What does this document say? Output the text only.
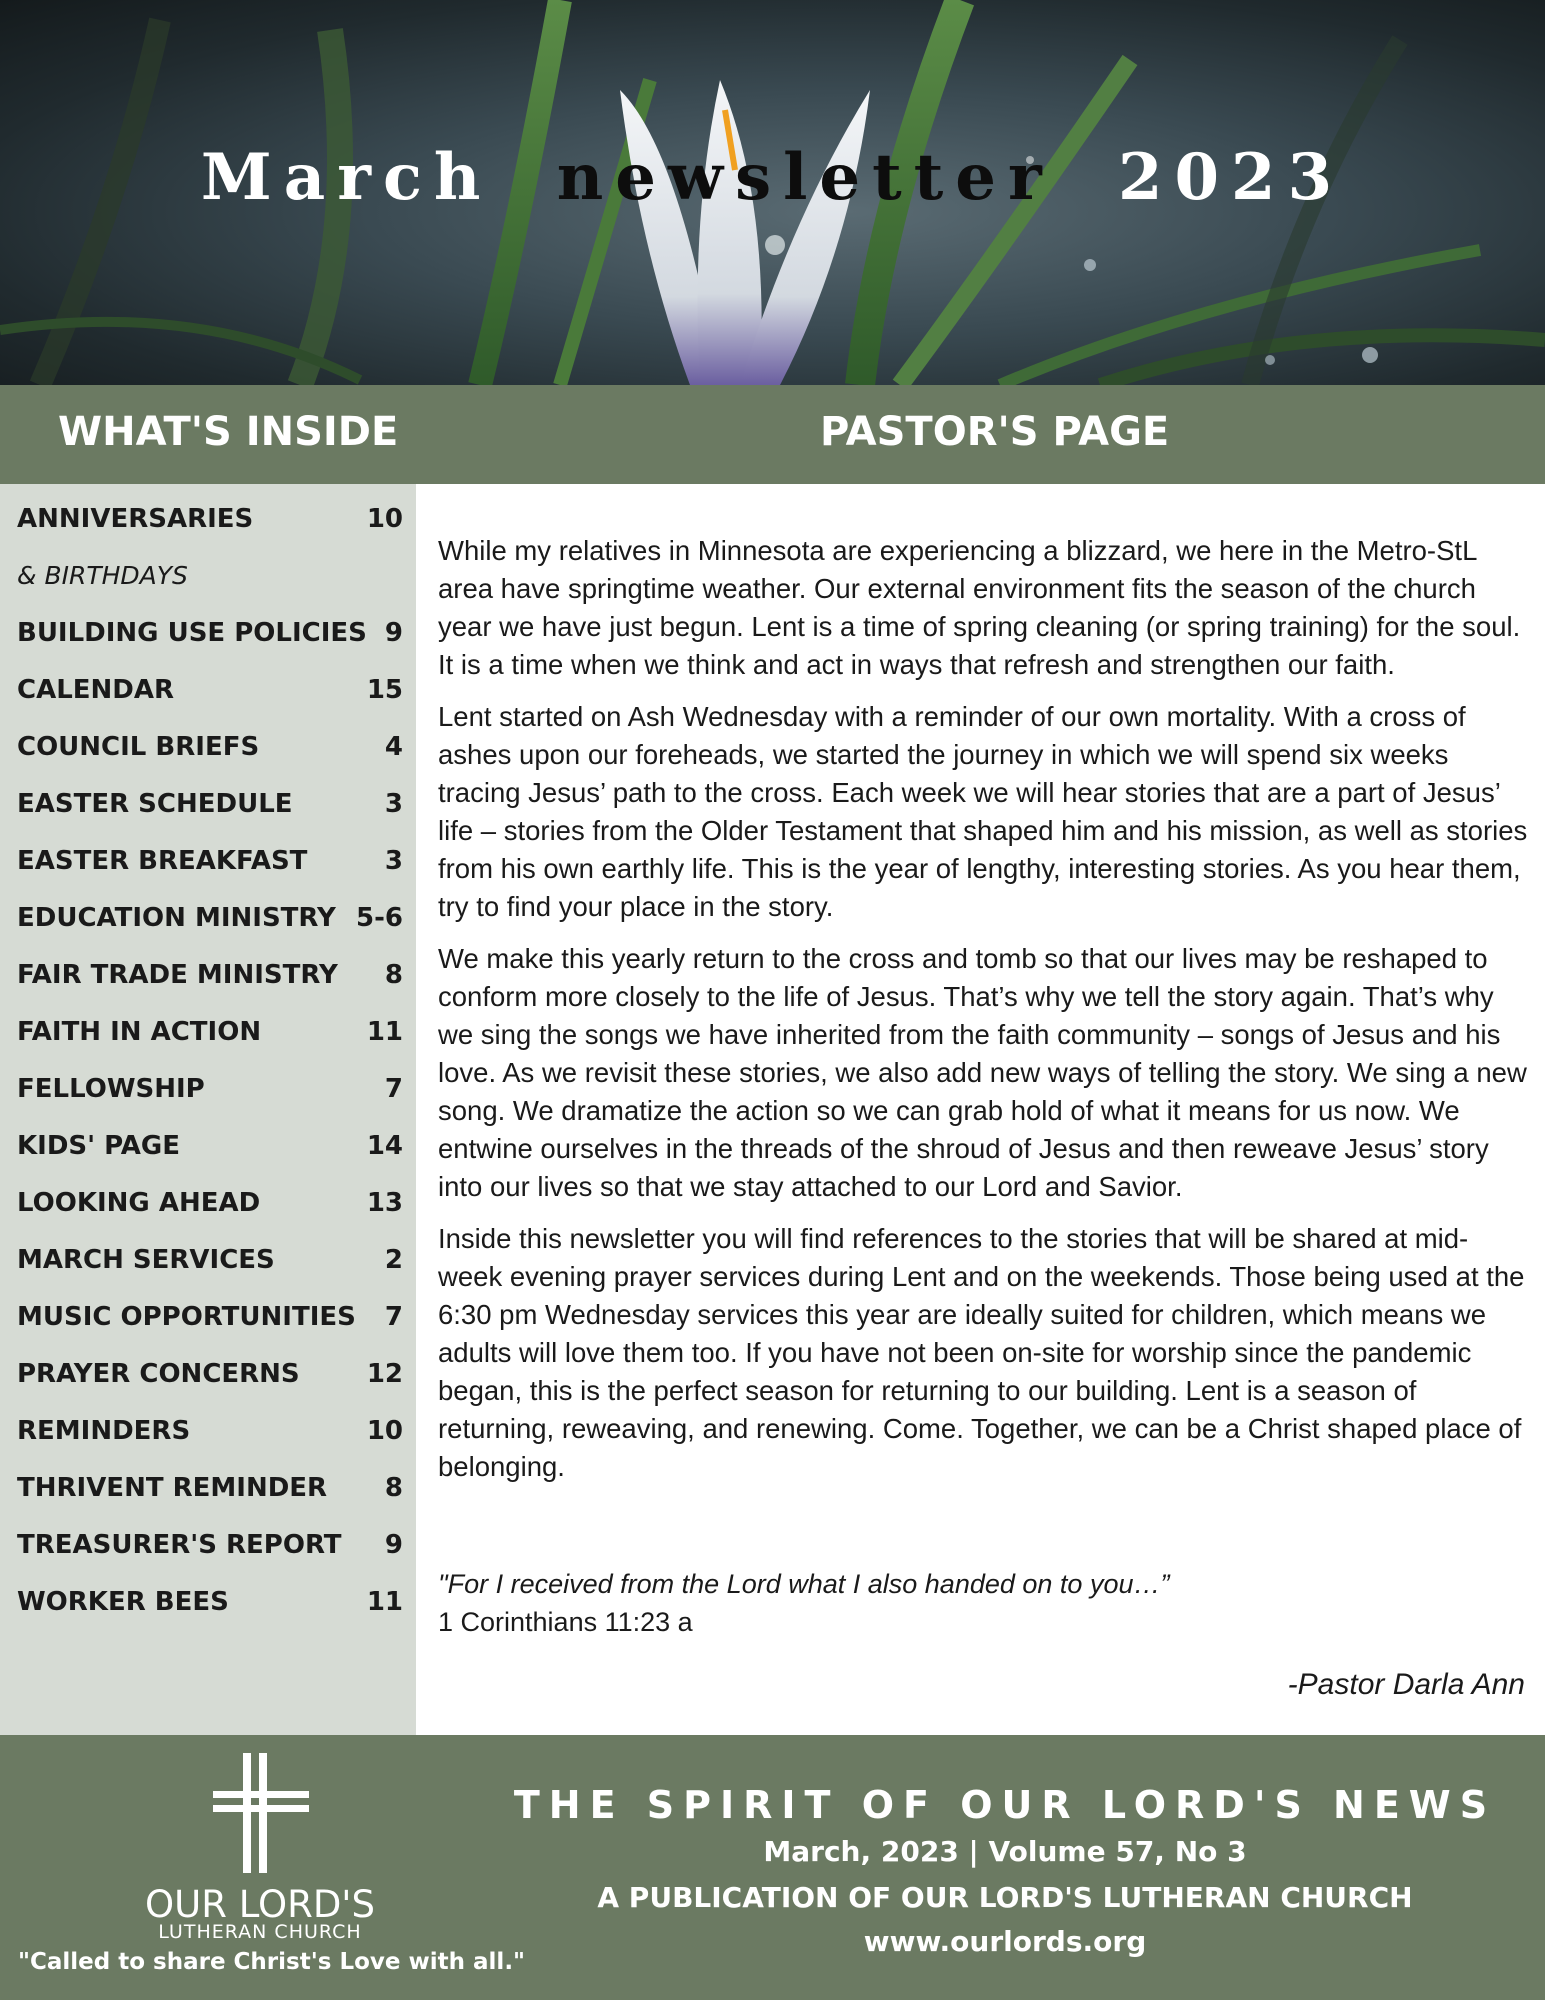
March newsletter 2023
WHAT'S INSIDE	PASTOR'S PAGE
ANNIVERSARIES	10
& BIRTHDAYS
BUILDING USE POLICIES 9
CALENDAR	15
COUNCIL BRIEFS	4
EASTER SCHEDULE	3
EASTER BREAKFAST	3
EDUCATION MINISTRY 5-6
FAIR TRADE MINISTRY 8
FAITH IN ACTION	11
FELLOWSHIP	7
KIDS' PAGE	14
LOOKING AHEAD	13
MARCH SERVICES	2
MUSIC OPPORTUNITIES 7
PRAYER CONCERNS	12
REMINDERS	10
THRIVENT REMINDER 8
TREASURER'S REPORT 9
WORKER BEES	11

While my relatives in Minnesota are experiencing a blizzard, we here in the Metro-StL area have springtime weather. Our external environment fits the season of the church year we have just begun. Lent is a time of spring cleaning (or spring training) for the soul. It is a time when we think and act in ways that refresh and strengthen our faith.

Lent started on Ash Wednesday with a reminder of our own mortality. With a cross of ashes upon our foreheads, we started the journey in which we will spend six weeks tracing Jesus’ path to the cross. Each week we will hear stories that are a part of Jesus’ life – stories from the Older Testament that shaped him and his mission, as well as stories from his own earthly life. This is the year of lengthy, interesting stories. As you hear them, try to find your place in the story.

We make this yearly return to the cross and tomb so that our lives may be reshaped to conform more closely to the life of Jesus. That’s why we tell the story again. That’s why we sing the songs we have inherited from the faith community – songs of Jesus and his love. As we revisit these stories, we also add new ways of telling the story. We sing a new song. We dramatize the action so we can grab hold of what it means for us now. We entwine ourselves in the threads of the shroud of Jesus and then reweave Jesus’ story into our lives so that we stay attached to our Lord and Savior.

Inside this newsletter you will find references to the stories that will be shared at mid-week evening prayer services during Lent and on the weekends. Those being used at the 6:30 pm Wednesday services this year are ideally suited for children, which means we adults will love them too. If you have not been on-site for worship since the pandemic began, this is the perfect season for returning to our building. Lent is a season of returning, reweaving, and renewing. Come. Together, we can be a Christ shaped place of belonging.

"For I received from the Lord what I also handed on to you…”
1 Corinthians 11:23 a
-Pastor Darla Ann
OUR LORD'S
LUTHERAN CHURCH
"Called to share Christ's Love with all."
THE SPIRIT OF OUR LORD'S NEWS
March, 2023 | Volume 57, No 3
A PUBLICATION OF OUR LORD'S LUTHERAN CHURCH
www.ourlords.org
